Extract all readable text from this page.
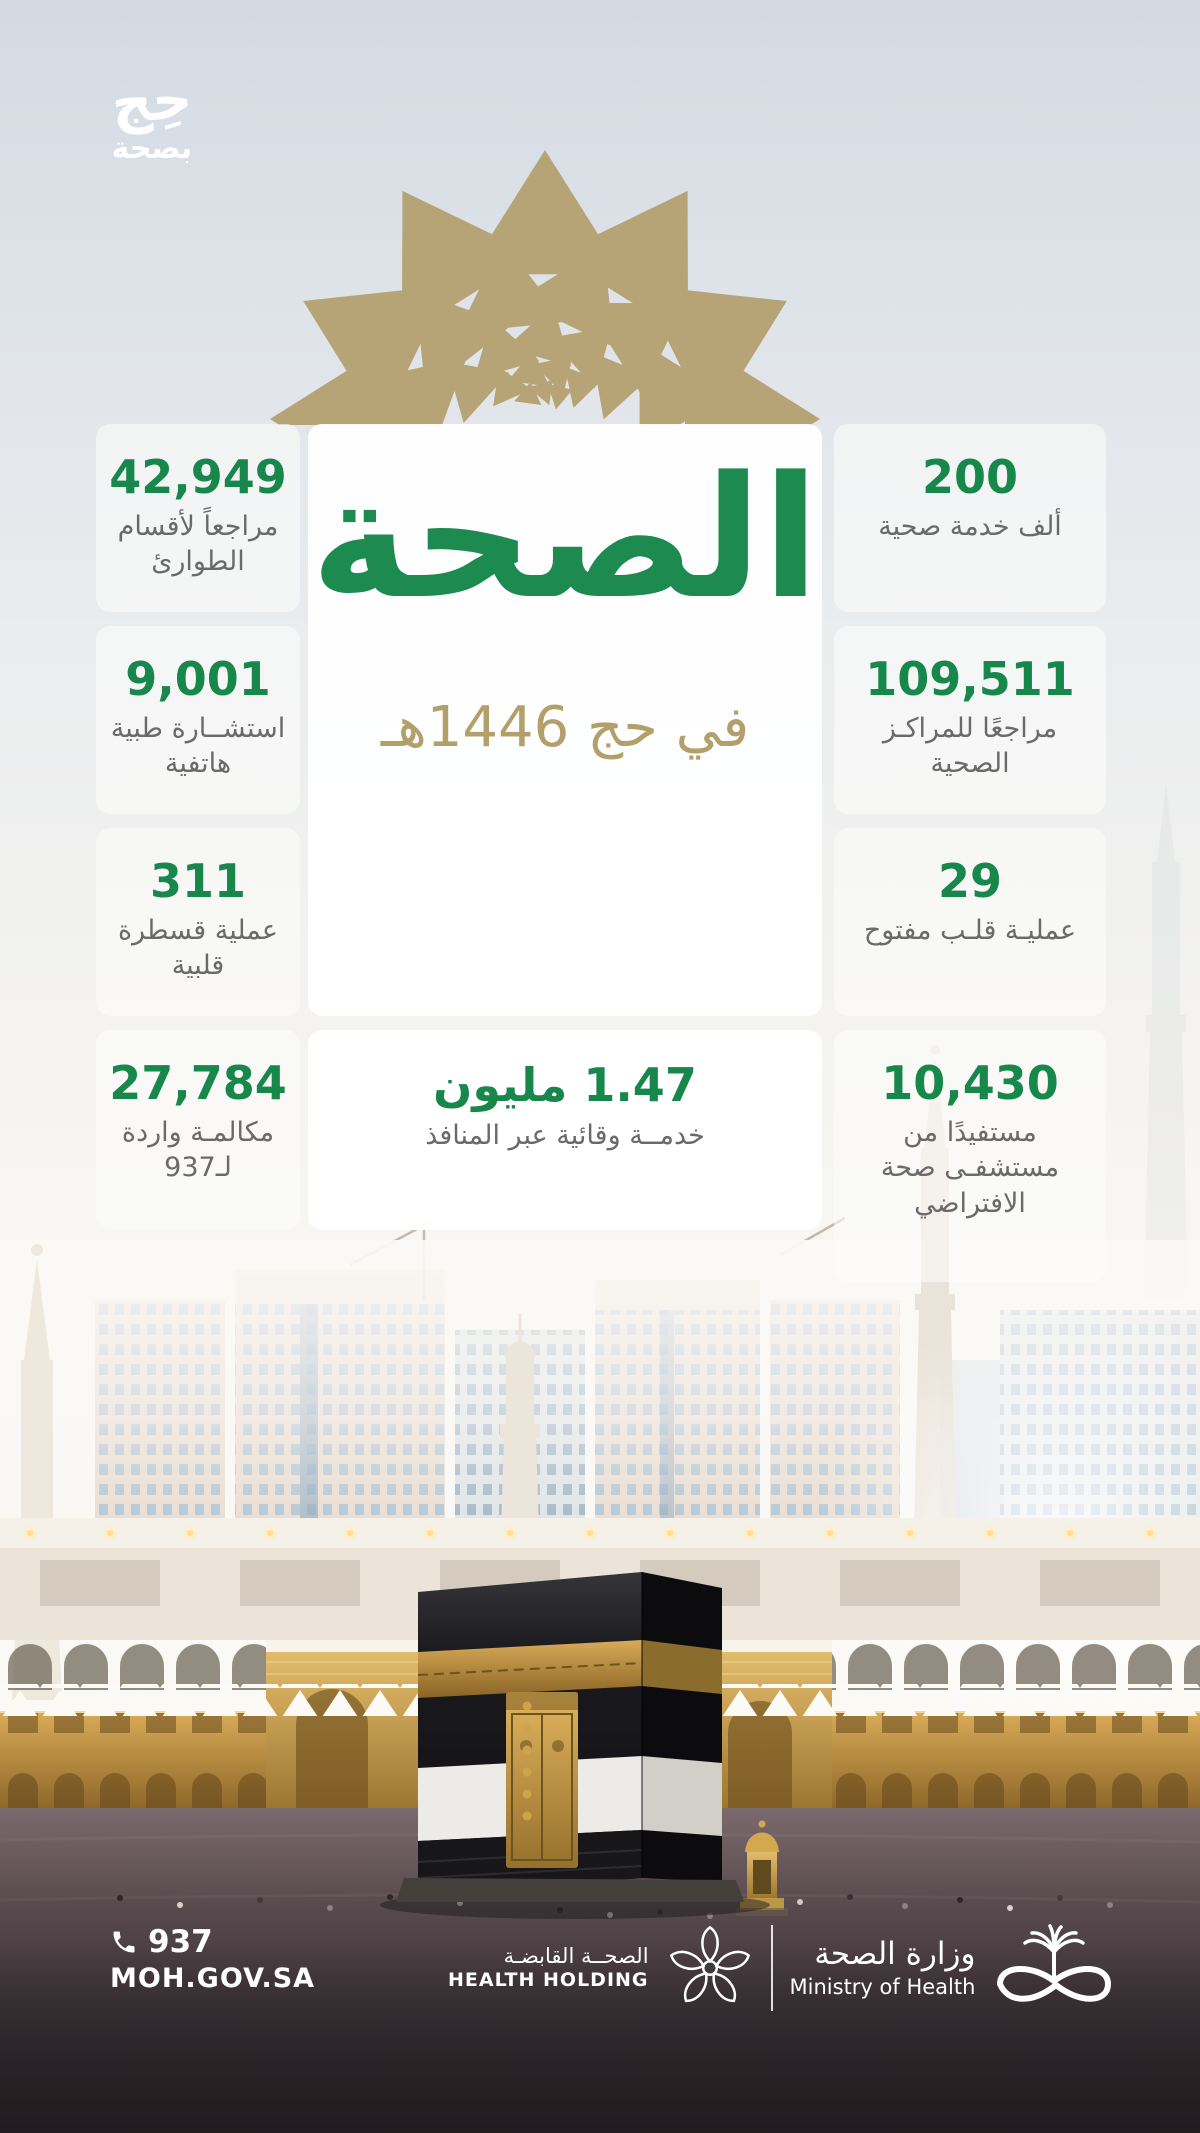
حِج
بصحة
الصحة
في حج 1446هـ
42,949
مراجعاً لأقسام الطوارئ
9,001
استشــارة طبية هاتفية
311
عملية قسطرة قلبية
27,784
مكالمـة واردة لـ937
200
ألف خدمة صحية
109,511
مراجعًا للمراكـز الصحية
29
عمليـة قلـب مفتوح
10,430
مستفيدًا من مستشفـى صحة الافتراضي
1.47 مليون
خدمــة وقائية عبر المنافذ
937
MOH.GOV.SA
الصحــة القابضـة
HEALTH HOLDING
وزارة الصحة
Ministry of Health
